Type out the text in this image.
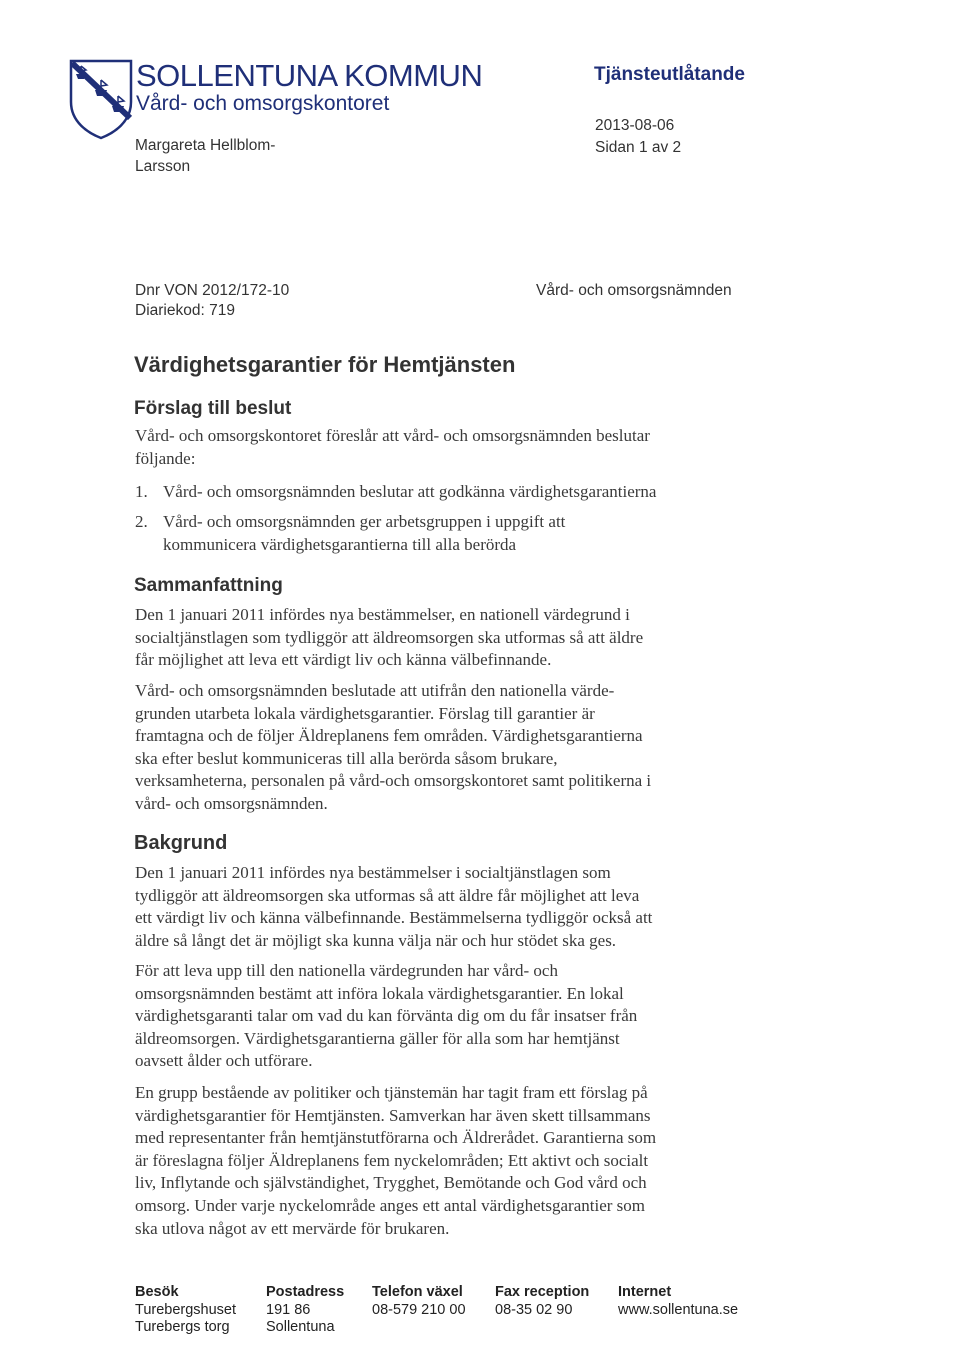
SOLLENTUNA KOMMUN
Vård- och omsorgskontoret
Tjänsteutlåtande
Margareta Hellblom-
Larsson
2013-08-06
Sidan 1 av 2
Dnr VON 2012/172-10
Diariekod: 719
Vård- och omsorgsnämnden
Värdighetsgarantier för Hemtjänsten
Förslag till beslut
Vård- och omsorgskontoret föreslår att vård- och omsorgsnämnden beslutar
följande:
1. Vård- och omsorgsnämnden beslutar att godkänna värdighetsgarantierna
2. Vård- och omsorgsnämnden ger arbetsgruppen i uppgift att
kommunicera värdighetsgarantierna till alla berörda
Sammanfattning
Den 1 januari 2011 infördes nya bestämmelser, en nationell värdegrund i
socialtjänstlagen som tydliggör att äldreomsorgen ska utformas så att äldre
får möjlighet att leva ett värdigt liv och känna välbefinnande.
Vård- och omsorgsnämnden beslutade att utifrån den nationella värde-
grunden utarbeta lokala värdighetsgarantier. Förslag till garantier är
framtagna och de följer Äldreplanens fem områden. Värdighetsgarantierna
ska efter beslut kommuniceras till alla berörda såsom brukare,
verksamheterna, personalen på vård-och omsorgskontoret samt politikerna i
vård- och omsorgsnämnden.
Bakgrund
Den 1 januari 2011 infördes nya bestämmelser i socialtjänstlagen som
tydliggör att äldreomsorgen ska utformas så att äldre får möjlighet att leva
ett värdigt liv och känna välbefinnande. Bestämmelserna tydliggör också att
äldre så långt det är möjligt ska kunna välja när och hur stödet ska ges.
För att leva upp till den nationella värdegrunden har vård- och
omsorgsnämnden bestämt att införa lokala värdighetsgarantier. En lokal
värdighetsgaranti talar om vad du kan förvänta dig om du får insatser från
äldreomsorgen. Värdighetsgarantierna gäller för alla som har hemtjänst
oavsett ålder och utförare.
En grupp bestående av politiker och tjänstemän har tagit fram ett förslag på
värdighetsgarantier för Hemtjänsten. Samverkan har även skett tillsammans
med representanter från hemtjänstutförarna och Äldrerådet. Garantierna som
är föreslagna följer Äldreplanens fem nyckelområden; Ett aktivt och socialt
liv, Inflytande och självständighet, Trygghet, Bemötande och God vård och
omsorg. Under varje nyckelområde anges ett antal värdighetsgarantier som
ska utlova något av ett mervärde för brukaren.
Besök
Turebergshuset
Turebergs torg
Postadress
191 86
Sollentuna
Telefon växel
08-579 210 00
Fax reception
08-35 02 90
Internet
www.sollentuna.se
